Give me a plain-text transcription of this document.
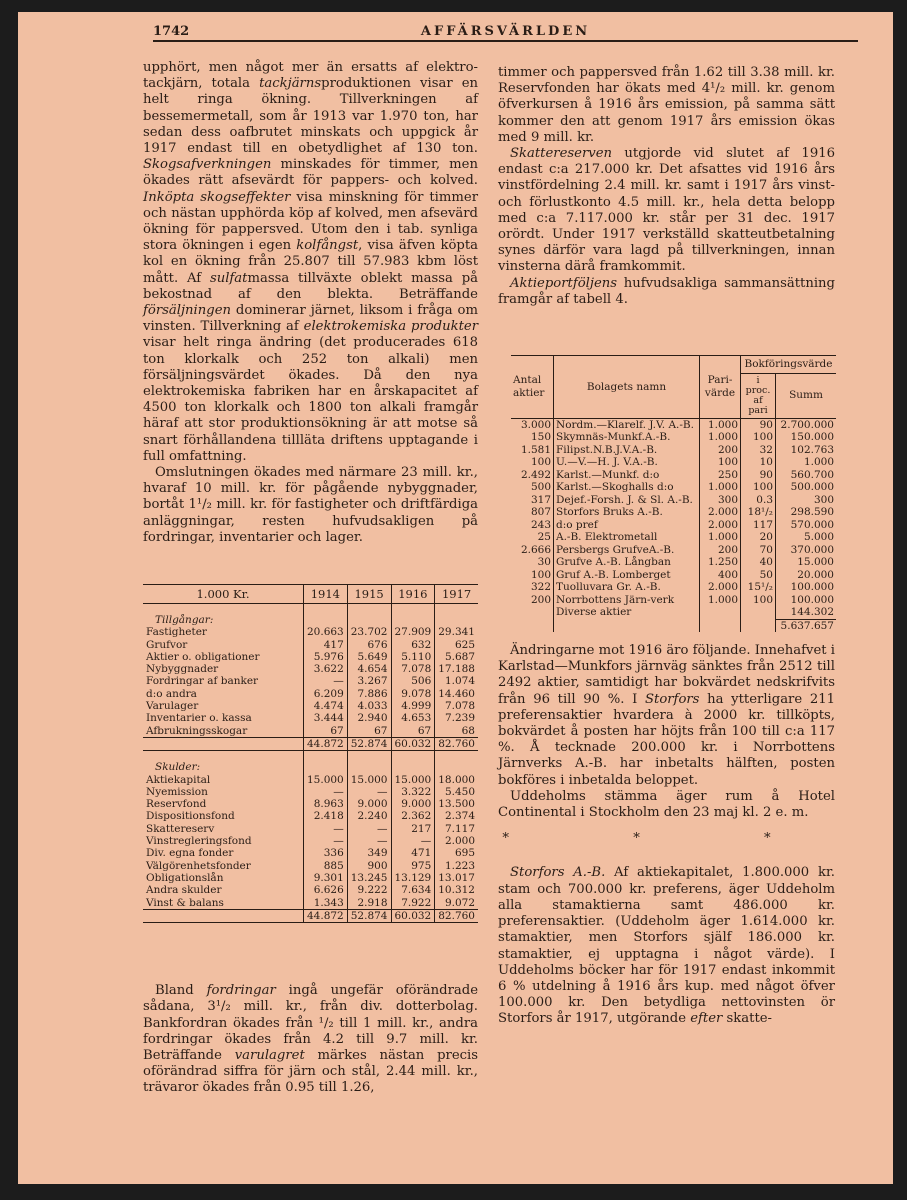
1742	AFFÄRSVÄRLDEN

upphört, men något mer än ersatts af elektro-tackjärn, totala tackjärnsproduktionen visar en helt ringa ökning. Tillverkningen af bessemermetall, som år 1913 var 1.970 ton, har sedan dess oafbrutet minskats och uppgick år 1917 endast till en obetydlighet af 130 ton. Skogsafverkningen minskades för timmer, men ökades rätt afsevärdt för pappers- och kolved. Inköpta skogseffekter visa minskning för timmer och nästan upphörda köp af kolved, men afsevärd ökning för pappersved. Utom den i tab. synliga stora ökningen i egen kolfångst, visa äfven köpta kol en ökning från 25.807 till 57.983 kbm löst mått. Af sulfatmassa tillväxte oblekt massa på bekostnad af den blekta. Beträffande försäljningen dominerar järnet, liksom i fråga om vinsten. Tillverkning af elektrokemiska produkter visar helt ringa ändring (det producerades 618 ton klorkalk och 252 ton alkali) men försäljningsvärdet ökades. Då den nya elektrokemiska fabriken har en årskapacitet af 4500 ton klorkalk och 1800 ton alkali framgår häraf att stor produktionsökning är att motse så snart förhållandena tillläta driftens upptagande i full omfattning.

Omslutningen ökades med närmare 23 mill. kr., hvaraf 10 mill. kr. för pågående nybyggnader, bortåt 1¹/₂ mill. kr. för fastigheter och driftfärdiga anläggningar, resten hufvudsakligen på fordringar, inventarier och lager.

1.000 Kr.	1914	1915	1916	1917
Tillgångar:				
Fastigheter	20.663	23.702	27.909	29.341
Grufvor	417	676	632	625
Aktier o. obligationer	5.976	5.649	5.110	5.687
Nybyggnader	3.622	4.654	7.078	17.188
Fordringar af banker	—	3.267	506	1.074
d:o andra	6.209	7.886	9.078	14.460
Varulager	4.474	4.033	4.999	7.078
Inventarier o. kassa	3.444	2.940	4.653	7.239
Afbrukningsskogar	67	67	67	68
	44.872	52.874	60.032	82.760
Skulder:				
Aktiekapital	15.000	15.000	15.000	18.000
Nyemission	—	—	3.322	5.450
Reservfond	8.963	9.000	9.000	13.500
Dispositionsfond	2.418	2.240	2.362	2.374
Skattereserv	—	—	217	7.117
Vinstregleringsfond	—	—	—	2.000
Div. egna fonder	336	349	471	695
Välgörenhetsfonder	885	900	975	1.223
Obligationslån	9.301	13.245	13.129	13.017
Andra skulder	6.626	9.222	7.634	10.312
Vinst & balans	1.343	2.918	7.922	9.072
	44.872	52.874	60.032	82.760

Bland fordringar ingå ungefär oförändrade sådana, 3¹/₂ mill. kr., från div. dotterbolag. Bankfordran ökades från ¹/₂ till 1 mill. kr., andra fordringar ökades från 4.2 till 9.7 mill. kr. Beträffande varulagret märkes nästan precis oförändrad siffra för järn och stål, 2.44 mill. kr., trävaror ökades från 0.95 till 1.26,

timmer och pappersved från 1.62 till 3.38 mill. kr. Reservfonden har ökats med 4¹/₂ mill. kr. genom öfverkursen å 1916 års emission, på samma sätt kommer den att genom 1917 års emission ökas med 9 mill. kr.

Skattereserven utgjorde vid slutet af 1916 endast c:a 217.000 kr. Det afsattes vid 1916 års vinstfördelning 2.4 mill. kr. samt i 1917 års vinst- och förlustkonto 4.5 mill. kr., hela detta belopp med c:a 7.117.000 kr. står per 31 dec. 1917 orördt. Under 1917 verkställd skatteutbetalning synes därför vara lagd på tillverkningen, innan vinsterna därå framkommit.

Aktieportföljens hufvudsakliga sammansättning framgår af tabell 4.

Ändringarne mot 1916 äro följande. Innehafvet i Karlstad—Munkfors järnväg sänktes från 2512 till 2492 aktier, samtidigt har bokvärdet nedskrifvits från 96 till 90 %. I Storfors ha ytterligare 211 preferensaktier hvardera à 2000 kr. tillköpts, bokvärdet å posten har höjts från 100 till c:a 117 %. Å tecknade 200.000 kr. i Norrbottens Järnverks A.-B. har inbetalts hälften, posten bokföres i inbetalda beloppet.

Uddeholms stämma äger rum å Hotel Continental i Stockholm den 23 maj kl. 2 e. m.

* * *

Storfors A.-B. Af aktiekapitalet, 1.800.000 kr. stam och 700.000 kr. preferens, äger Uddeholm alla stamaktierna samt 486.000 kr. preferensaktier. (Uddeholm äger 1.614.000 kr. stamaktier, men Storfors själf 186.000 kr. stamaktier, ej upptagna i något värde). I Uddeholms böcker har för 1917 endast inkommit 6 % utdelning å 1916 års kup. med något öfver 100.000 kr. Den betydliga nettovinsten ör Storfors år 1917, utgörande efter skatte-

Antal aktier	Bolagets namn	Pari-värde	Bokföringsvärde	
			i proc. af pari	Summ
3.000	Nordm.—Klarelf. J.V. A.-B.	1.000	90	2.700.000
150	Skymnäs-Munkf.A.-B.	1.000	100	150.000
1.581	Filipst.N.B.J.V.A.-B.	200	32	102.763
100	U.—V.—H. J. V.A.-B.	100	10	1.000
2.492	Karlst.—Munkf. d:o	250	90	560.700
500	Karlst.—Skoghalls d:o	1.000	100	500.000
317	Dejef.-Forsh. J. & Sl. A.-B.	300	0.3	300
807	Storfors Bruks A.-B.	2.000	18¹/₂	298.590
243	d:o pref	2.000	117	570.000
25	A.-B. Elektrometall	1.000	20	5.000
2.666	Persbergs GrufveA.-B.	200	70	370.000
30	Grufve A.-B. Långban	1.250	40	15.000
100	Gruf A.-B. Lomberget	400	50	20.000
322	Tuolluvara Gr. A.-B.	2.000	15¹/₂	100.000
200	Norrbottens Järn-verk	1.000	100	100.000
	Diverse aktier			144.302
				5.637.657
